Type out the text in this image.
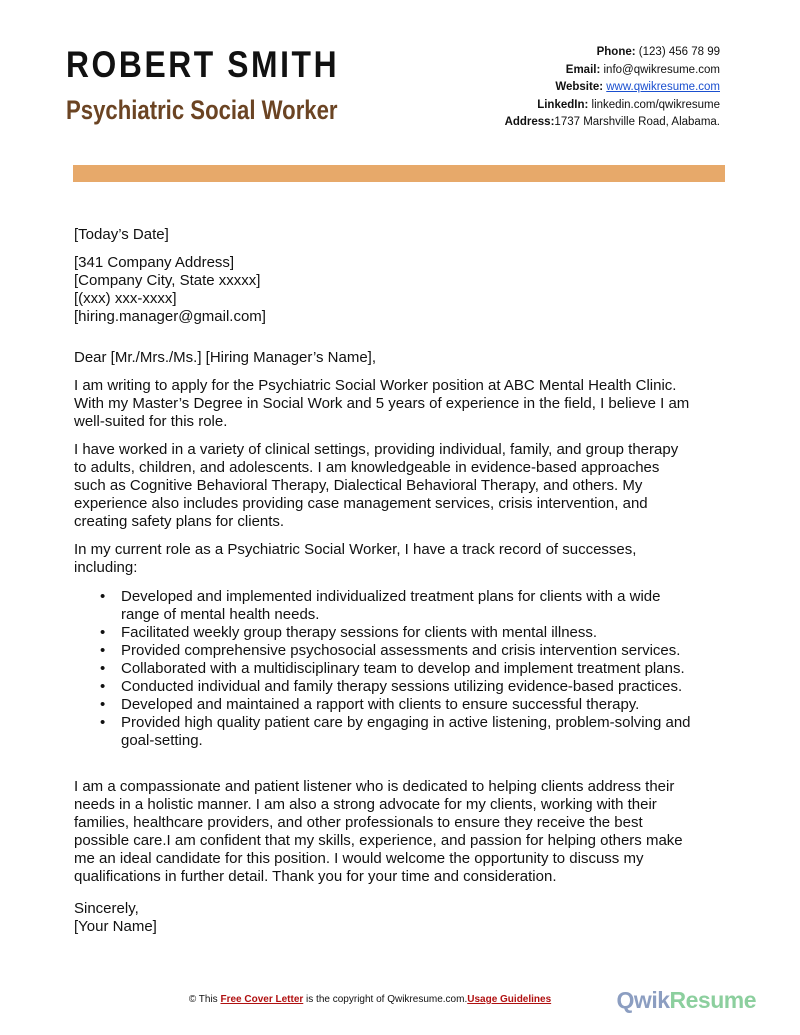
ROBERT SMITH
Psychiatric Social Worker
Phone: (123) 456 78 99
Email: info@qwikresume.com
Website: www.qwikresume.com
LinkedIn: linkedin.com/qwikresume
Address:1737 Marshville Road, Alabama.

[Today’s Date]

[341 Company Address]

[Company City, State xxxxx]

[(xxx) xxx-xxxx]

[hiring.manager@gmail.com]

Dear [Mr./Mrs./Ms.] [Hiring Manager’s Name],

I am writing to apply for the Psychiatric Social Worker position at ABC Mental Health Clinic.

With my Master’s Degree in Social Work and 5 years of experience in the field, I believe I am

well-suited for this role.

I have worked in a variety of clinical settings, providing individual, family, and group therapy

to adults, children, and adolescents. I am knowledgeable in evidence-based approaches

such as Cognitive Behavioral Therapy, Dialectical Behavioral Therapy, and others. My

experience also includes providing case management services, crisis intervention, and

creating safety plans for clients.

In my current role as a Psychiatric Social Worker, I have a track record of successes,

including:

• Developed and implemented individualized treatment plans for clients with a wide

range of mental health needs.

• Facilitated weekly group therapy sessions for clients with mental illness.

• Provided comprehensive psychosocial assessments and crisis intervention services.

• Collaborated with a multidisciplinary team to develop and implement treatment plans.

• Conducted individual and family therapy sessions utilizing evidence-based practices.

• Developed and maintained a rapport with clients to ensure successful therapy.

• Provided high quality patient care by engaging in active listening, problem-solving and

goal-setting.

I am a compassionate and patient listener who is dedicated to helping clients address their

needs in a holistic manner. I am also a strong advocate for my clients, working with their

families, healthcare providers, and other professionals to ensure they receive the best

possible care.I am confident that my skills, experience, and passion for helping others make

me an ideal candidate for this position. I would welcome the opportunity to discuss my

qualifications in further detail. Thank you for your time and consideration.

Sincerely,

[Your Name]

© This Free Cover Letter is the copyright of Qwikresume.com.Usage Guidelines	QwikResume
